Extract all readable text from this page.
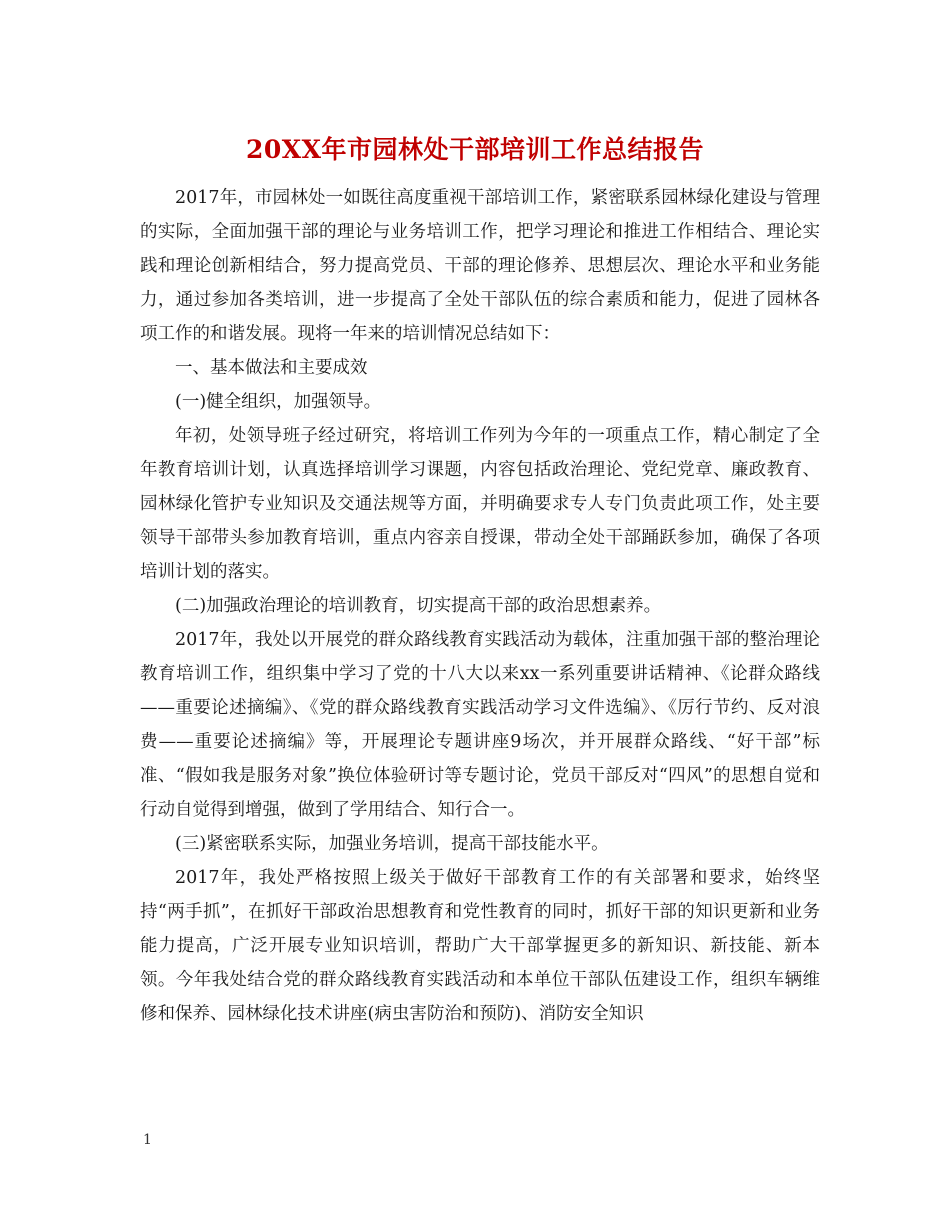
20XX年市园林处干部培训工作总结报告

2017年，市园林处一如既往高度重视干部培训工作，紧密联系园林绿化建设与管理的实际，全面加强干部的理论与业务培训工作，把学习理论和推进工作相结合、理论实践和理论创新相结合，努力提高党员、干部的理论修养、思想层次、理论水平和业务能力，通过参加各类培训，进一步提高了全处干部队伍的综合素质和能力，促进了园林各项工作的和谐发展。现将一年来的培训情况总结如下：

一、基本做法和主要成效

(一)健全组织，加强领导。

年初，处领导班子经过研究，将培训工作列为今年的一项重点工作，精心制定了全年教育培训计划，认真选择培训学习课题，内容包括政治理论、党纪党章、廉政教育、园林绿化管护专业知识及交通法规等方面，并明确要求专人专门负责此项工作，处主要领导干部带头参加教育培训，重点内容亲自授课，带动全处干部踊跃参加，确保了各项培训计划的落实。

(二)加强政治理论的培训教育，切实提高干部的政治思想素养。

2017年，我处以开展党的群众路线教育实践活动为载体，注重加强干部的整治理论教育培训工作，组织集中学习了党的十八大以来xx一系列重要讲话精神、《论群众路线——重要论述摘编》、《党的群众路线教育实践活动学习文件选编》、《厉行节约、反对浪费——重要论述摘编》等，开展理论专题讲座9场次，并开展群众路线、“好干部”标准、“假如我是服务对象”换位体验研讨等专题讨论，党员干部反对“四风”的思想自觉和行动自觉得到增强，做到了学用结合、知行合一。

(三)紧密联系实际，加强业务培训，提高干部技能水平。

2017年，我处严格按照上级关于做好干部教育工作的有关部署和要求，始终坚持“两手抓”，在抓好干部政治思想教育和党性教育的同时，抓好干部的知识更新和业务能力提高，广泛开展专业知识培训，帮助广大干部掌握更多的新知识、新技能、新本领。今年我处结合党的群众路线教育实践活动和本单位干部队伍建设工作，组织车辆维修和保养、园林绿化技术讲座(病虫害防治和预防)、消防安全知识

1
